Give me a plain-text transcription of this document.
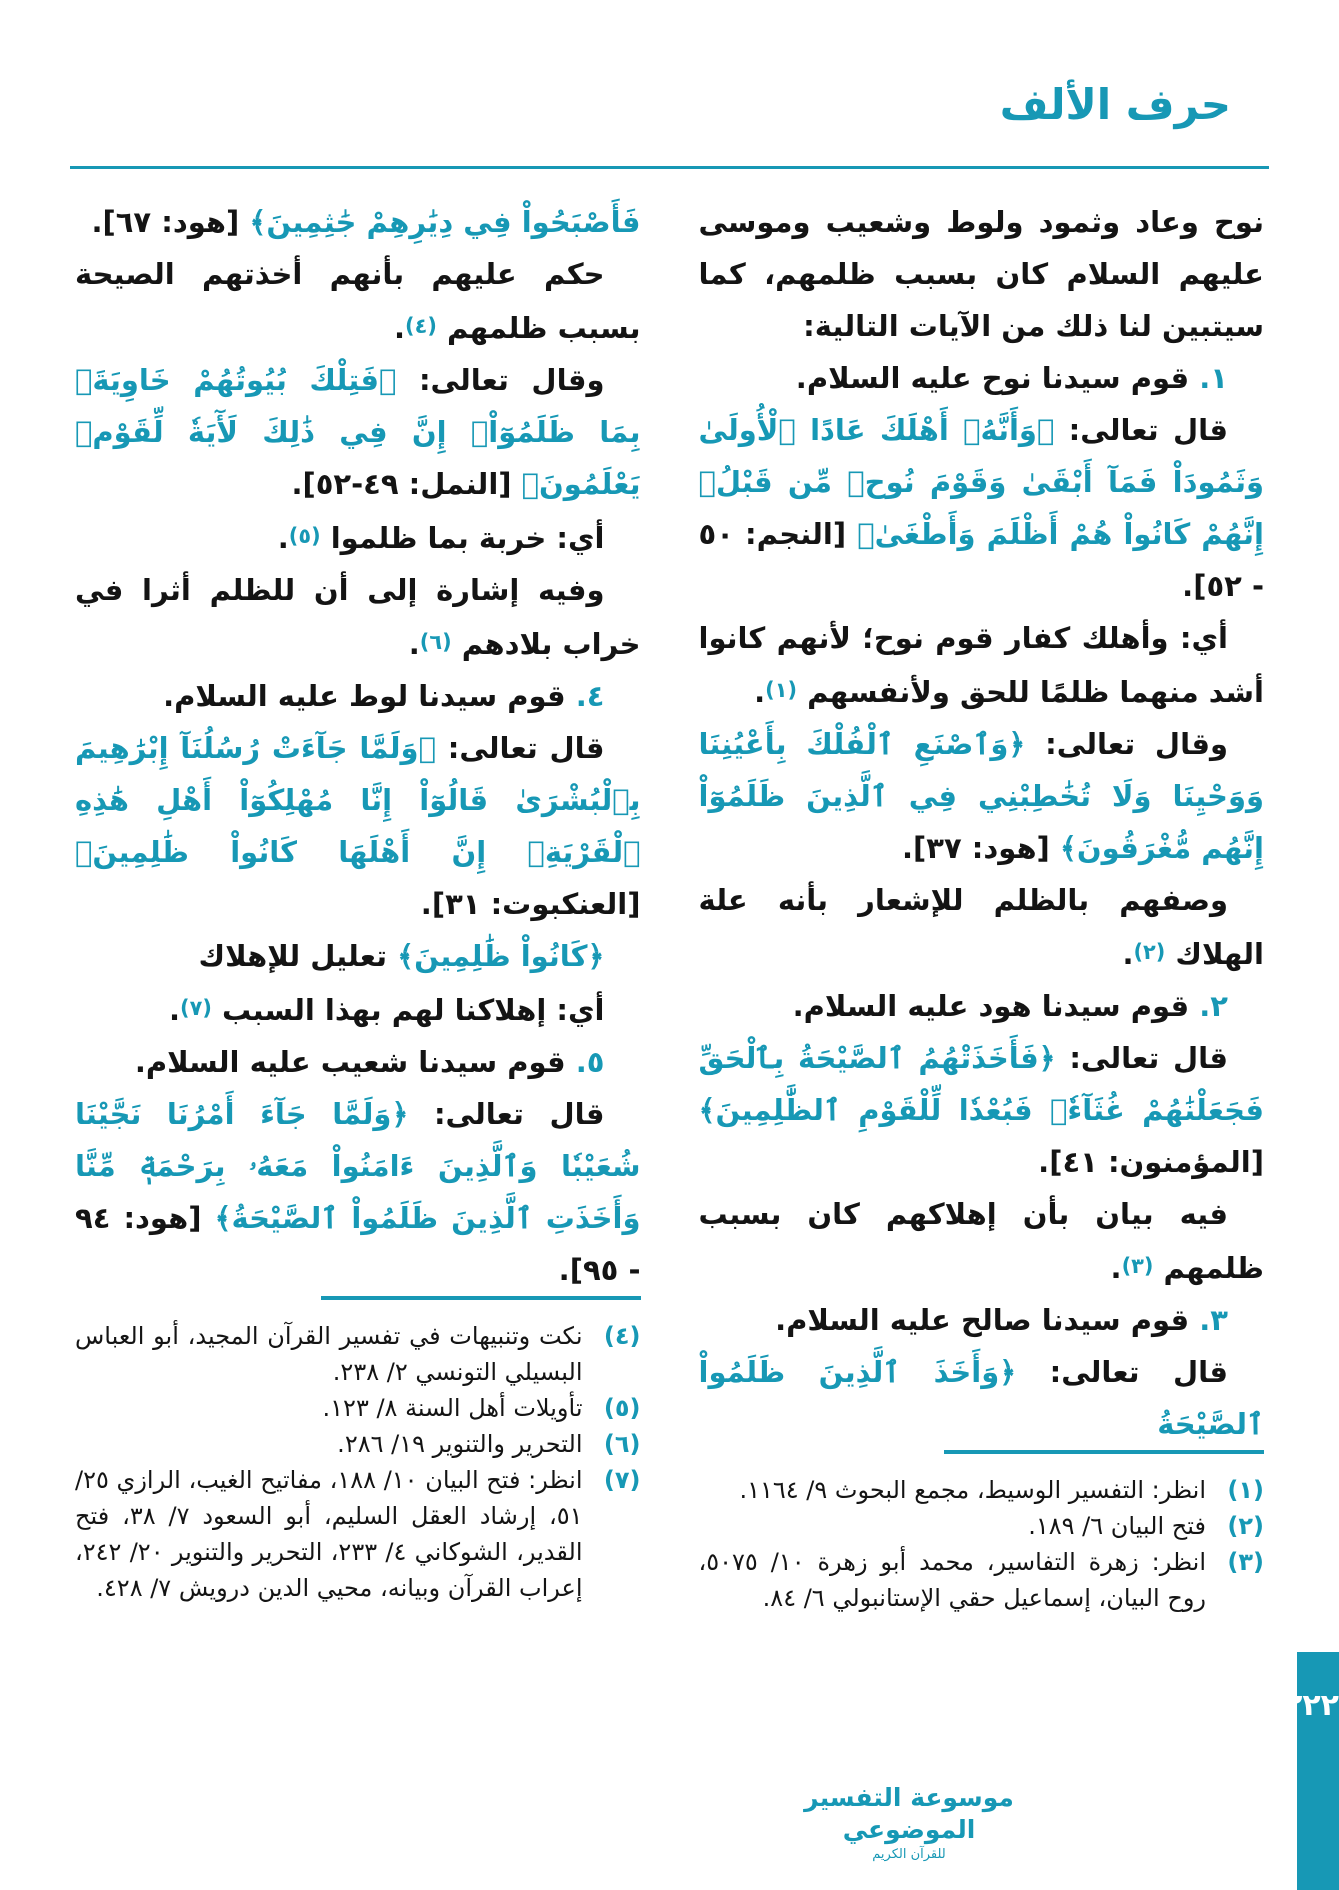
حرف الألف

نوح وعاد وثمود ولوط وشعيب وموسى عليهم السلام كان بسبب ظلمهم، كما سيتبين لنا ذلك من الآيات التالية:

١. قوم سيدنا نوح عليه السلام.

قال تعالى: ﴿وَأَنَّهُۥ أَهْلَكَ عَادًا ٱلْأُولَىٰ وَثَمُودَاْ فَمَآ أَبْقَىٰ وَقَوْمَ نُوحٖ مِّن قَبْلُۖ إِنَّهُمْ كَانُواْ هُمْ أَظْلَمَ وَأَطْغَىٰ﴾ [النجم: ٥٠ - ٥٢].

أي: وأهلك كفار قوم نوح؛ لأنهم كانوا أشد منهما ظلمًا للحق ولأنفسهم (١).

وقال تعالى: ﴿وَٱصْنَعِ ٱلْفُلْكَ بِأَعْيُنِنَا وَوَحْيِنَا وَلَا تُخَٰطِبْنِي فِي ٱلَّذِينَ ظَلَمُوٓاْ إِنَّهُم مُّغْرَقُونَ﴾ [هود: ٣٧].

وصفهم بالظلم للإشعار بأنه علة الهلاك (٢).

٢. قوم سيدنا هود عليه السلام.

قال تعالى: ﴿فَأَخَذَتْهُمُ ٱلصَّيْحَةُ بِٱلْحَقِّ فَجَعَلْنَٰهُمْ غُثَآءٗۚ فَبُعْدٗا لِّلْقَوْمِ ٱلظَّٰلِمِينَ﴾ [المؤمنون: ٤١].

فيه بيان بأن إهلاكهم كان بسبب ظلمهم (٣).

٣. قوم سيدنا صالح عليه السلام.

قال تعالى: ﴿وَأَخَذَ ٱلَّذِينَ ظَلَمُواْ ٱلصَّيْحَةُ

(١)
انظر: التفسير الوسيط، مجمع البحوث ٩/ ١١٦٤.
(٢)
فتح البيان ٦/ ١٨٩.
(٣)
انظر: زهرة التفاسير، محمد أبو زهرة ١٠/ ٥٠٧٥، روح البيان، إسماعيل حقي الإستانبولي ٦/ ٨٤.

فَأَصْبَحُواْ فِي دِيَٰرِهِمْ جَٰثِمِينَ﴾ [هود: ٦٧].

حكم عليهم بأنهم أخذتهم الصيحة بسبب ظلمهم (٤).

وقال تعالى: ﴿فَتِلْكَ بُيُوتُهُمْ خَاوِيَةَۢ بِمَا ظَلَمُوٓاْۚ إِنَّ فِي ذَٰلِكَ لَأٓيَةٗ لِّقَوْمٖ يَعْلَمُونَ﴾ [النمل: ٤٩-٥٢].

أي: خربة بما ظلموا (٥).

وفيه إشارة إلى أن للظلم أثرا في خراب بلادهم (٦).

٤. قوم سيدنا لوط عليه السلام.

قال تعالى: ﴿وَلَمَّا جَآءَتْ رُسُلُنَآ إِبْرَٰهِيمَ بِٱلْبُشْرَىٰ قَالُوٓاْ إِنَّا مُهْلِكُوٓاْ أَهْلِ هَٰذِهِ ٱلْقَرْيَةِۖ إِنَّ أَهْلَهَا كَانُواْ ظَٰلِمِينَ﴾ [العنكبوت: ٣١].

﴿كَانُواْ ظَٰلِمِينَ﴾ تعليل للإهلاك

أي: إهلاكنا لهم بهذا السبب (٧).

٥. قوم سيدنا شعيب عليه السلام.

قال تعالى: ﴿وَلَمَّا جَآءَ أَمْرُنَا نَجَّيْنَا شُعَيْبٗا وَٱلَّذِينَ ءَامَنُواْ مَعَهُۥ بِرَحْمَةٖ مِّنَّا وَأَخَذَتِ ٱلَّذِينَ ظَلَمُواْ ٱلصَّيْحَةُ﴾ [هود: ٩٤ - ٩٥].

(٤)
نكت وتنبيهات في تفسير القرآن المجيد، أبو العباس البسيلي التونسي ٢/ ٢٣٨.
(٥)
تأويلات أهل السنة ٨/ ١٢٣.
(٦)
التحرير والتنوير ١٩/ ٢٨٦.
(٧)
انظر: فتح البيان ١٠/ ١٨٨، مفاتيح الغيب، الرازي ٢٥/ ٥١، إرشاد العقل السليم، أبو السعود ٧/ ٣٨، فتح القدير، الشوكاني ٤/ ٢٣٣، التحرير والتنوير ٢٠/ ٢٤٢، إعراب القرآن وبيانه، محيي الدين درويش ٧/ ٤٢٨.
موسوعة التفسير الموضوعي
للقرآن الكريم
٢٢٢
